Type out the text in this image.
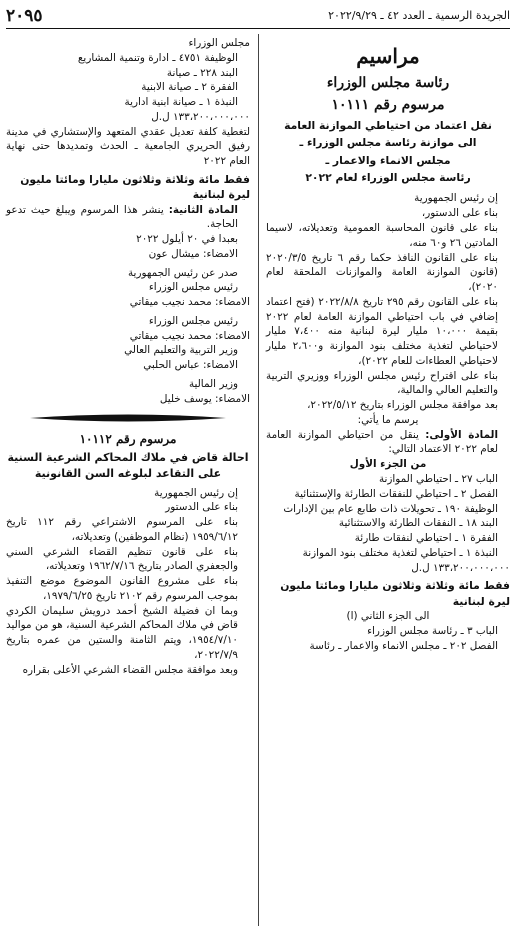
الجريدة الرسمية ـ العدد ٤٢ ـ ٢٠٢٢/٩/٢٩
٢٠٩٥

مراسيم

رئاسة مجلس الوزراء

مرسوم رقم ١٠١١١

نقل اعتماد من احتياطي الموازنة العامة

الى موازنة رئاسة مجلس الوزراء ـ

مجلس الانماء والاعمار ـ

رئاسة مجلس الوزراء لعام ٢٠٢٢

إن رئيس الجمهورية

بناء على الدستور،

بناء على قانون المحاسبة العمومية وتعديلاته، لاسيما المادتين ٢٦ و٦٠ منه،

بناء على القانون النافذ حكما رقم ٦ تاريخ ٢٠٢٠/٣/٥ (قانون الموازنة العامة والموازنات الملحقة لعام ٢٠٢٠)،

بناء على القانون رقم ٢٩٥ تاريخ ٢٠٢٢/٨/٨ (فتح اعتماد إضافي في باب احتياطي الموازنة العامة لعام ٢٠٢٢ بقيمة ١٠،٠٠٠ مليار ليرة لبنانية منه ٧،٤٠٠ مليار لاحتياطي لتغذية مختلف بنود الموازنة و٢،٦٠٠ مليار لاحتياطي العطاءات للعام ٢٠٢٢)،

بناء على اقتراح رئيس مجلس الوزراء ووزيري التربية والتعليم العالي والمالية،

بعد موافقة مجلس الوزراء بتاريخ ٢٠٢٢/٥/١٢،

يرسم ما يأتي:

المادة الأولى: ينقل من احتياطي الموازنة العامة لعام ٢٠٢٢ الاعتماد التالي:

من الجزء الأول

الباب ٢٧ ـ احتياطي الموازنة

الفصل ٢ ـ احتياطي للنفقات الطارئة والإستثنائية

الوظيفة ١٩٠ ـ تحويلات ذات طابع عام بين الإدارات

البند ١٨ ـ النفقات الطارئة والاستثنائية

الفقرة ١ ـ احتياطي لنفقات طارئة

النبذة ١ ـ احتياطي لتغذية مختلف بنود الموازنة

١٣٣،٢٠٠،٠٠٠،٠٠٠ ل.ل

فقط مائة وثلاثة وثلاثون مليارا ومائتا مليون ليرة لبنانية

الى الجزء الثاني (ا)

الباب ٣ ـ رئاسة مجلس الوزراء

الفصل ٢٠٢ ـ مجلس الانماء والاعمار ـ رئاسة

مجلس الوزراء

الوظيفة ٤٧٥١ ـ ادارة وتنمية المشاريع

البند ٢٢٨ ـ صيانة

الفقرة ٢ ـ صيانة الابنية

النبذة ١ ـ صيانة ابنية ادارية

١٣٣،٢٠٠،٠٠٠،٠٠٠ ل.ل

لتغطية كلفة تعديل عقدي المتعهد والإستشاري في مدينة رفيق الحريري الجامعية ـ الحدث وتمديدها حتى نهاية العام ٢٠٢٢

فقط مائة وثلاثة وثلاثون مليارا ومائتا مليون ليرة لبنانية

المادة الثانية: ينشر هذا المرسوم ويبلغ حيث تدعو الحاجة.

بعبدا في ٢٠ أيلول ٢٠٢٢

الامضاء: ميشال عون

صدر عن رئيس الجمهورية

رئيس مجلس الوزراء

الامضاء: محمد نجيب ميقاتي

رئيس مجلس الوزراء

الامضاء: محمد نجيب ميقاتي

وزير التربية والتعليم العالي

الامضاء: عباس الحلبي

وزير المالية

الامضاء: يوسف خليل

مرسوم رقم ١٠١١٢

احالة قاض في ملاك المحاكم الشرعية السنية

على التقاعد لبلوغه السن القانونية

إن رئيس الجمهورية

بناء على الدستور

بناء على المرسوم الاشتراعي رقم ١١٢ تاريخ ١٩٥٩/٦/١٢ (نظام الموظفين) وتعديلاته،

بناء على قانون تنظيم القضاء الشرعي السني والجعفري الصادر بتاريخ ١٩٦٢/٧/١٦ وتعديلاته،

بناء على مشروع القانون الموضوع موضع التنفيذ بموجب المرسوم رقم ٢١٠٢ تاريخ ١٩٧٩/٦/٢٥،

وبما ان فضيلة الشيخ أحمد درويش سليمان الكردي قاض في ملاك المحاكم الشرعية السنية، هو من مواليد ١٩٥٤/٧/١٠، ويتم الثامنة والستين من عمره بتاريخ ٢٠٢٢/٧/٩،

وبعد موافقة مجلس القضاء الشرعي الأعلى بقراره
